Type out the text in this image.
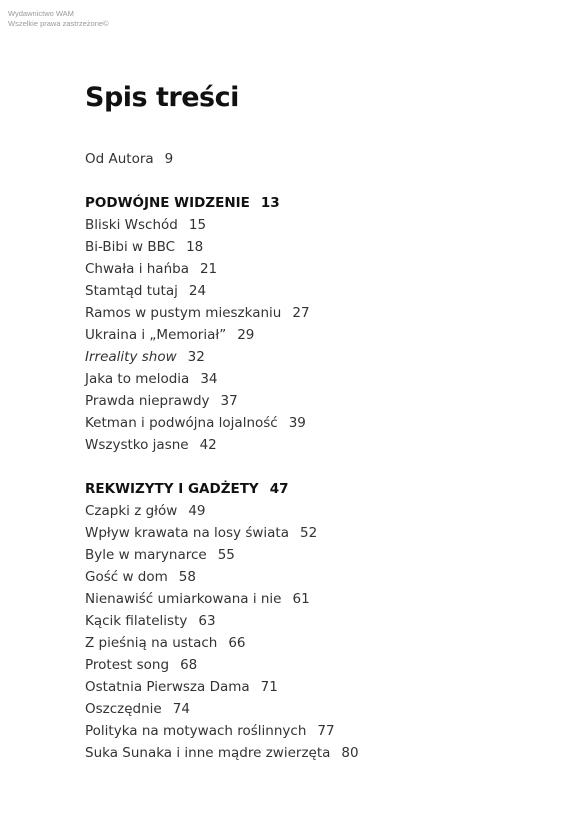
Wydawnictwo WAM
Wszelkie prawa zastrzeżone©
Spis treści
Od Autora 9
PODWÓJNE WIDZENIE 13
Bliski Wschód 15
Bi-Bibi w BBC 18
Chwała i hańba 21
Stamtąd tutaj 24
Ramos w pustym mieszkaniu 27
Ukraina i „Memoriał” 29
Irreality show 32
Jaka to melodia 34
Prawda nieprawdy 37
Ketman i podwójna lojalność 39
Wszystko jasne 42
REKWIZYTY I GADŻETY 47
Czapki z głów 49
Wpływ krawata na losy świata 52
Byle w marynarce 55
Gość w dom 58
Nienawiść umiarkowana i nie 61
Kącik filatelisty 63
Z pieśnią na ustach 66
Protest song 68
Ostatnia Pierwsza Dama 71
Oszczędnie 74
Polityka na motywach roślinnych 77
Suka Sunaka i inne mądre zwierzęta 80
